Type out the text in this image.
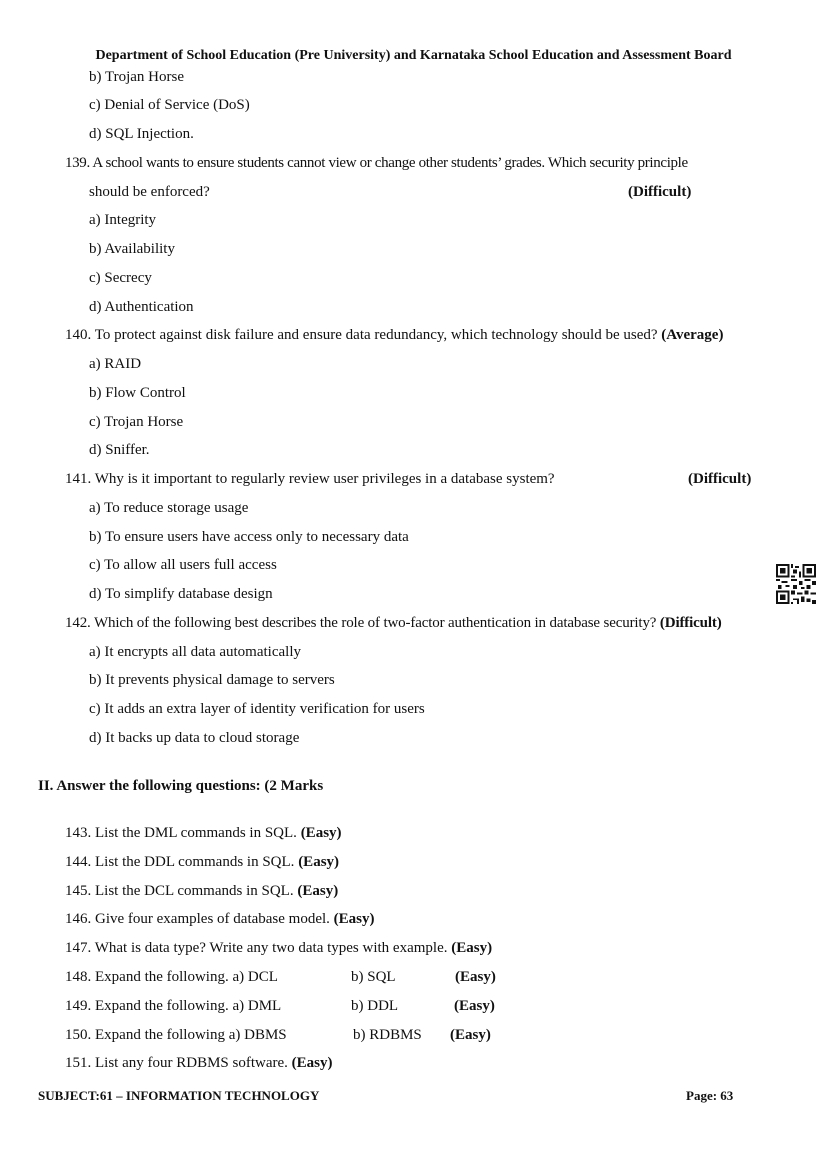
Department of School Education (Pre University) and Karnataka School Education and Assessment Board
b) Trojan Horse
c) Denial of Service (DoS)
d) SQL Injection.
139. A school wants to ensure students cannot view or change other students’ grades. Which security principle
should be enforced?	(Difficult)
a) Integrity
b) Availability
c) Secrecy
d) Authentication
140. To protect against disk failure and ensure data redundancy, which technology should be used? (Average)
a) RAID
b) Flow Control
c) Trojan Horse
d) Sniffer.
141. Why is it important to regularly review user privileges in a database system?	(Difficult)
a) To reduce storage usage
b) To ensure users have access only to necessary data
c) To allow all users full access
d) To simplify database design
142. Which of the following best describes the role of two-factor authentication in database security? (Difficult)
a) It encrypts all data automatically
b) It prevents physical damage to servers
c) It adds an extra layer of identity verification for users
d) It backs up data to cloud storage
II. Answer the following questions: (2 Marks
143. List the DML commands in SQL. (Easy)
144. List the DDL commands in SQL. (Easy)
145. List the DCL commands in SQL. (Easy)
146. Give four examples of database model. (Easy)
147. What is data type? Write any two data types with example. (Easy)
148. Expand the following. a) DCL	b) SQL	(Easy)
149. Expand the following. a) DML	b) DDL	(Easy)
150. Expand the following a) DBMS	b) RDBMS (Easy)
151. List any four RDBMS software. (Easy)
SUBJECT:61 – INFORMATION TECHNOLOGY	Page: 63
